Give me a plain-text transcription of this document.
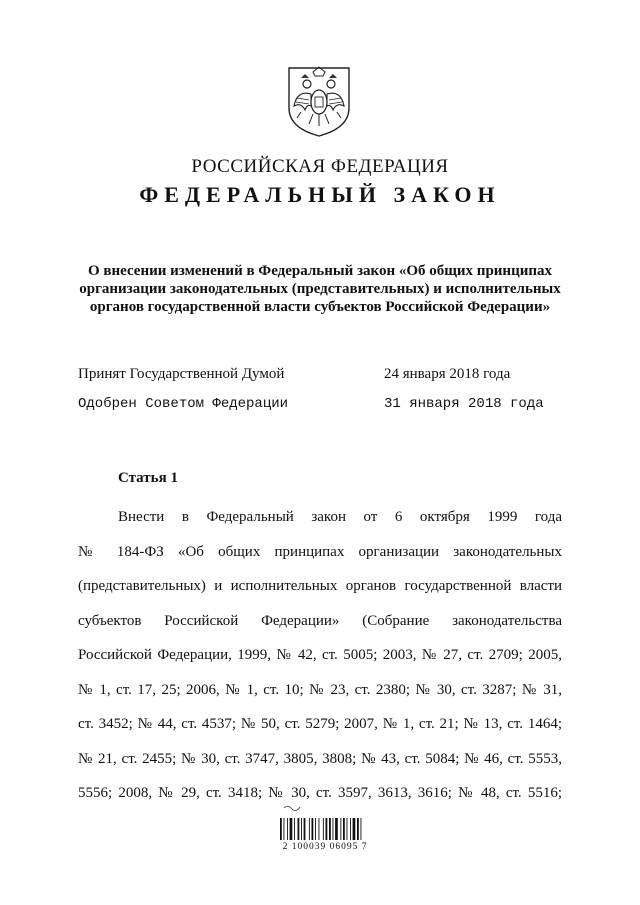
РОССИЙСКАЯ ФЕДЕРАЦИЯ
ФЕДЕРАЛЬНЫЙ ЗАКОН
О внесении изменений в Федеральный закон «Об общих принципах
организации законодательных (представительных) и исполнительных
органов государственной власти субъектов Российской Федерации»
Принят Государственной Думой	24 января 2018 года
Одобрен Советом Федерации	31 января 2018 года
Статья 1
Внести в Федеральный закон от 6 октября 1999 года
№ 184-ФЗ «Об общих принципах организации законодательных
(представительных) и исполнительных органов государственной власти
субъектов Российской Федерации» (Собрание законодательства
Российской Федерации, 1999, № 42, ст. 5005; 2003, № 27, ст. 2709; 2005,
№ 1, ст. 17, 25; 2006, № 1, ст. 10; № 23, ст. 2380; № 30, ст. 3287; № 31,
ст. 3452; № 44, ст. 4537; № 50, ст. 5279; 2007, № 1, ст. 21; № 13, ст. 1464;
№ 21, ст. 2455; № 30, ст. 3747, 3805, 3808; № 43, ст. 5084; № 46, ст. 5553,
5556; 2008, № 29, ст. 3418; № 30, ст. 3597, 3613, 3616; № 48, ст. 5516;
2 100039 06095 7
